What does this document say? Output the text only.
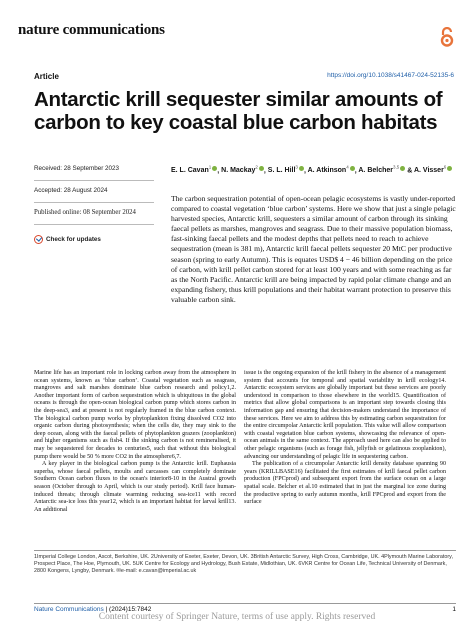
nature communications
Article	https://doi.org/10.1038/s41467-024-52135-6
Antarctic krill sequester similar amounts of carbon to key coastal blue carbon habitats
Received: 28 September 2023
Accepted: 28 August 2024
Published online: 08 September 2024
Check for updates
E. L. Cavan$^1$ , N. Mackay$^2$ , S. L. Hill$^3$ , A. Atkinson$^4$ , A. Belcher$^{3,5}$ & A. Visser$^6$
The carbon sequestration potential of open-ocean pelagic ecosystems is vastly under-reported compared to coastal vegetation ‘blue carbon’ systems. Here we show that just a single pelagic harvested species, Antarctic krill, sequesters a similar amount of carbon through its sinking faecal pellets as marshes, mangroves and seagrass. Due to their massive population biomass, fast-sinking faecal pellets and the modest depths that pellets need to reach to achieve sequestration (mean is 381 m), Antarctic krill faecal pellets sequester 20 MtC per productive season (spring to early Autumn). This is equates USD$ 4 − 46 billion depending on the price of carbon, with krill pellet carbon stored for at least 100 years and with some reaching as far as the North Pacific. Antarctic krill are being impacted by rapid polar climate change and an expanding fishery, thus krill populations and their habitat warrant protection to preserve this valuable carbon sink.

Marine life has an important role in locking carbon away from the atmosphere in ocean systems, known as ‘blue carbon’. Coastal vegetation such as seagrass, mangroves and salt marshes dominate blue carbon research and policy1,2. Another important form of carbon sequestration which is ubiquitous in the global oceans is through the open-ocean biological carbon pump which stores carbon in the deep-sea3, and at present is not regularly framed in the blue carbon context. The biological carbon pump works by phytoplankton fixing dissolved CO2 into organic carbon during photosynthesis; when the cells die, they may sink to the deep ocean, along with the faecal pellets of phytoplankton grazers (zooplankton) and higher organisms such as fish4. If the sinking carbon is not remineralised, it may be sequestered for decades to centuries5, such that without this biological pump there would be 50 % more CO2 in the atmosphere6,7.

A key player in the biological carbon pump is the Antarctic krill. Euphausia superba, whose faecal pellets, moults and carcasses can completely dominate Southern Ocean carbon fluxes to the ocean's interior8-10 in the Austral growth season (October through to April, which is our study period). Krill face human-induced threats; through climate warming reducing sea-ice11 with record Antarctic sea-ice loss this year12, which is an important habitat for larval krill13. An additional

issue is the ongoing expansion of the krill fishery in the absence of a management system that accounts for temporal and spatial variability in krill ecology14. Antarctic ecosystem services are globally important but these services are poorly understood in comparison to those elsewhere in the world15. Quantification of metrics that allow global comparisons is an important step towards closing this information gap and ensuring that decision-makers understand the importance of these services. Here we aim to address this by estimating carbon sequestration for the entire circumpolar Antarctic krill population. This value will allow comparison with coastal vegetation blue carbon systems, showcasing the relevance of open-ocean animals in the same context. The approach used here can also be applied to other pelagic organisms (such as forage fish, jellyfish or gelatinous zooplankton), advancing our understanding of pelagic life in sequestering carbon.

The publication of a circumpolar Antarctic krill density database spanning 90 years (KRILLBASE16) facilitated the first estimates of krill faecal pellet carbon production (FPCprod) and subsequent export from the surface ocean on a large spatial scale. Belcher et al.10 estimated that in just the marginal ice zone during the productive spring to early autumn months, krill FPCprod and export from the surface

1Imperial College London, Ascot, Berkshire, UK. 2University of Exeter, Exeter, Devon, UK. 3British Antarctic Survey, High Cross, Cambridge, UK. 4Plymouth Marine Laboratory, Prospect Place, The Hoe, Plymouth, UK. 5UK Centre for Ecology and Hydrology, Bush Estate, Midlothian, UK. 6VKR Centre for Ocean Life, Technical University of Denmark, 2800 Kongens, Lyngby, Denmark. ✉e-mail: e.cavan@imperial.ac.uk
Nature Communications | (2024)15:7842	1
Content courtesy of Springer Nature, terms of use apply. Rights reserved
